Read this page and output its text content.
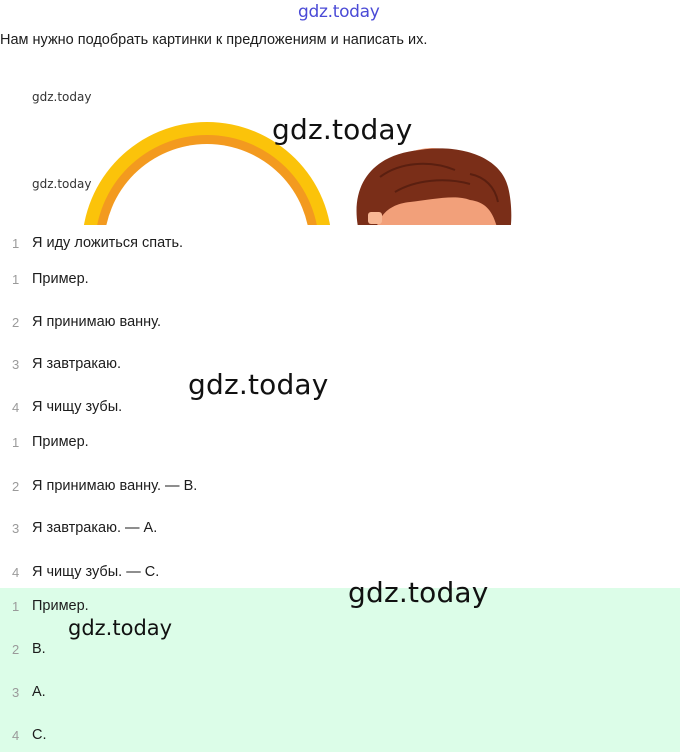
gdz.today
gdz.today
gdz.today
gdz.today
gdz.today
gdz.today
gdz.today
Нам нужно подобрать картинки к предложениям и написать их.
1 Я иду ложиться спать.
1 Пример.
2 Я принимаю ванну.
3 Я завтракаю.
4 Я чищу зубы.
1 Пример.
2 Я принимаю ванну. — B.
3 Я завтракаю. — A.
4 Я чищу зубы. — C.
1 Пример.
2 B.
3 A.
4 C.
